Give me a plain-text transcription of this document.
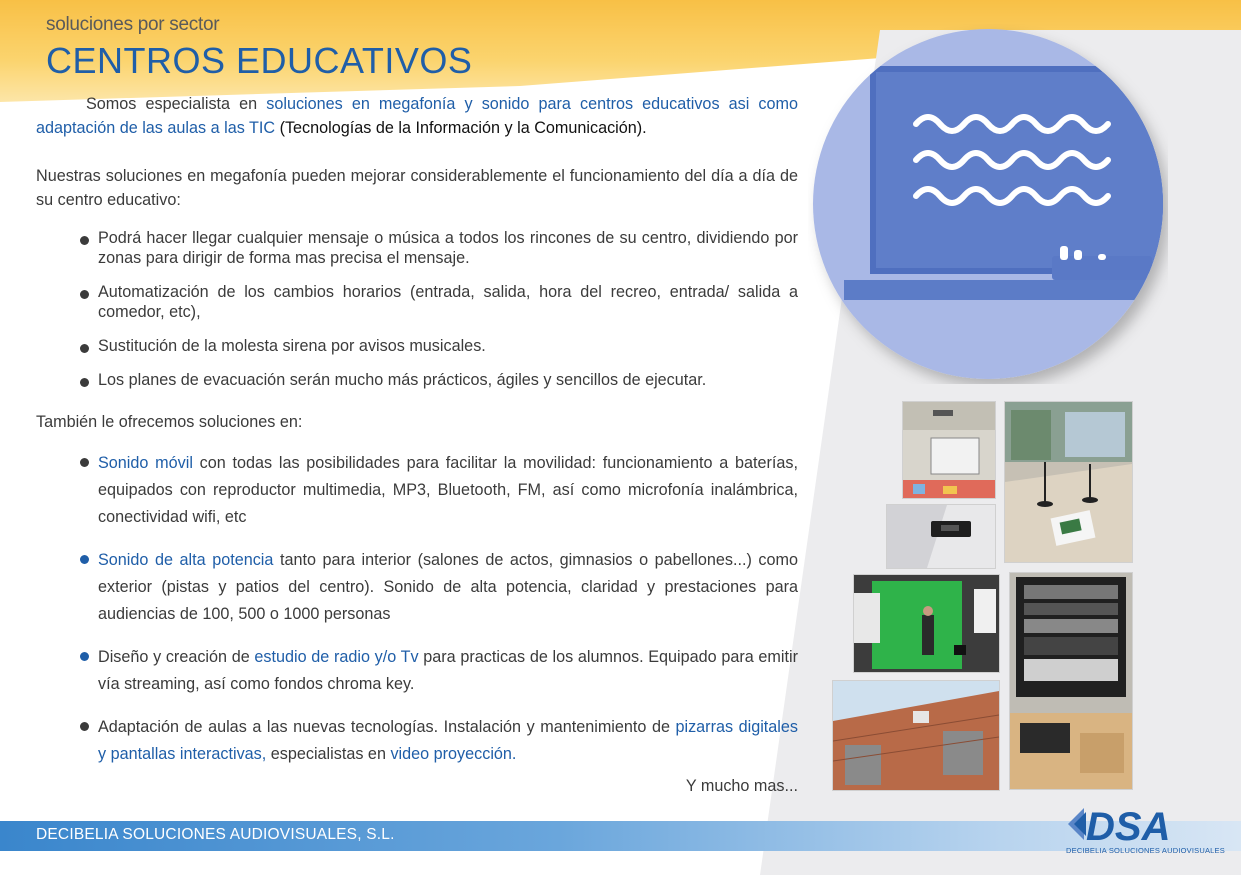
soluciones por sector
CENTROS EDUCATIVOS

Somos especialista en soluciones en megafonía y sonido para centros educativos asi como adaptación de las aulas a las TIC (Tecnologías de la Información y la Comunicación).

Nuestras soluciones en megafonía pueden mejorar considerablemente el funcionamiento del día a día de su centro educativo:

Podrá hacer llegar cualquier mensaje o música a todos los rincones de su centro, dividiendo por zonas para dirigir de forma mas precisa el mensaje.
Automatización de los cambios horarios (entrada, salida, hora del recreo, entrada/ salida a comedor, etc),
Sustitución de la molesta sirena por avisos musicales.
Los planes de evacuación serán mucho más prácticos, ágiles y sencillos de ejecutar.

También le ofrecemos soluciones en:

Sonido móvil con todas las posibilidades para facilitar la movilidad: funcionamiento a baterías, equipados con reproductor multimedia, MP3, Bluetooth, FM, así como microfonía inalámbrica, conectividad wifi, etc
Sonido de alta potencia tanto para interior (salones de actos, gimnasios o pabellones...) como exterior (pistas y patios del centro). Sonido de alta potencia, claridad y prestaciones para audiencias de 100, 500 o 1000 personas
Diseño y creación de estudio de radio y/o Tv para practicas de los alumnos. Equipado para emitir vía streaming, así como fondos chroma key.
Adaptación de aulas a las nuevas tecnologías. Instalación y mantenimiento de pizarras digitales y pantallas interactivas, especialistas en video proyección.

Y mucho mas...

DECIBELIA SOLUCIONES AUDIOVISUALES, S.L.	DSA
DECIBELIA SOLUCIONES AUDIOVISUALES
